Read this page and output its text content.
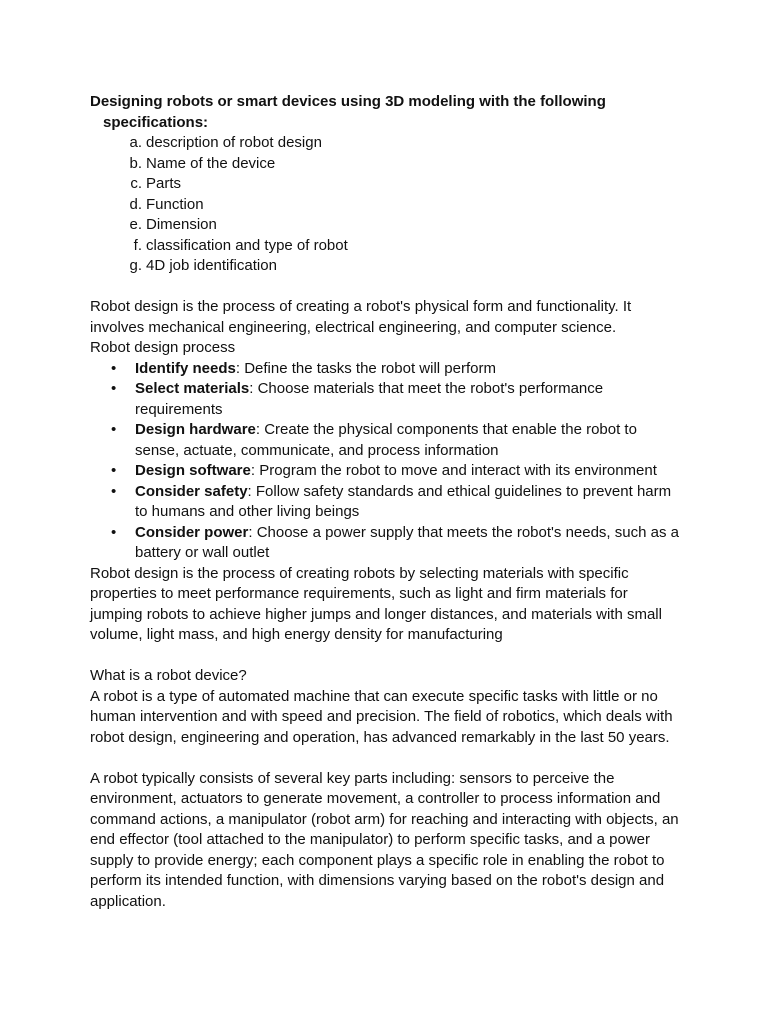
Designing robots or smart devices using 3D modeling with the following specifications:

a. description of robot design
b. Name of the device
c. Parts
d. Function
e. Dimension
f. classification and type of robot
g. 4D job identification

Robot design is the process of creating a robot's physical form and functionality. It involves mechanical engineering, electrical engineering, and computer science.

Robot design process

• Identify needs: Define the tasks the robot will perform
• Select materials: Choose materials that meet the robot's performance requirements
• Design hardware: Create the physical components that enable the robot to sense, actuate, communicate, and process information
• Design software: Program the robot to move and interact with its environment
• Consider safety: Follow safety standards and ethical guidelines to prevent harm to humans and other living beings
• Consider power: Choose a power supply that meets the robot's needs, such as a battery or wall outlet

Robot design is the process of creating robots by selecting materials with specific properties to meet performance requirements, such as light and firm materials for jumping robots to achieve higher jumps and longer distances, and materials with small volume, light mass, and high energy density for manufacturing

What is a robot device?

A robot is a type of automated machine that can execute specific tasks with little or no human intervention and with speed and precision. The field of robotics, which deals with robot design, engineering and operation, has advanced remarkably in the last 50 years.

A robot typically consists of several key parts including: sensors to perceive the environment, actuators to generate movement, a controller to process information and command actions, a manipulator (robot arm) for reaching and interacting with objects, an end effector (tool attached to the manipulator) to perform specific tasks, and a power supply to provide energy; each component plays a specific role in enabling the robot to perform its intended function, with dimensions varying based on the robot's design and application.
